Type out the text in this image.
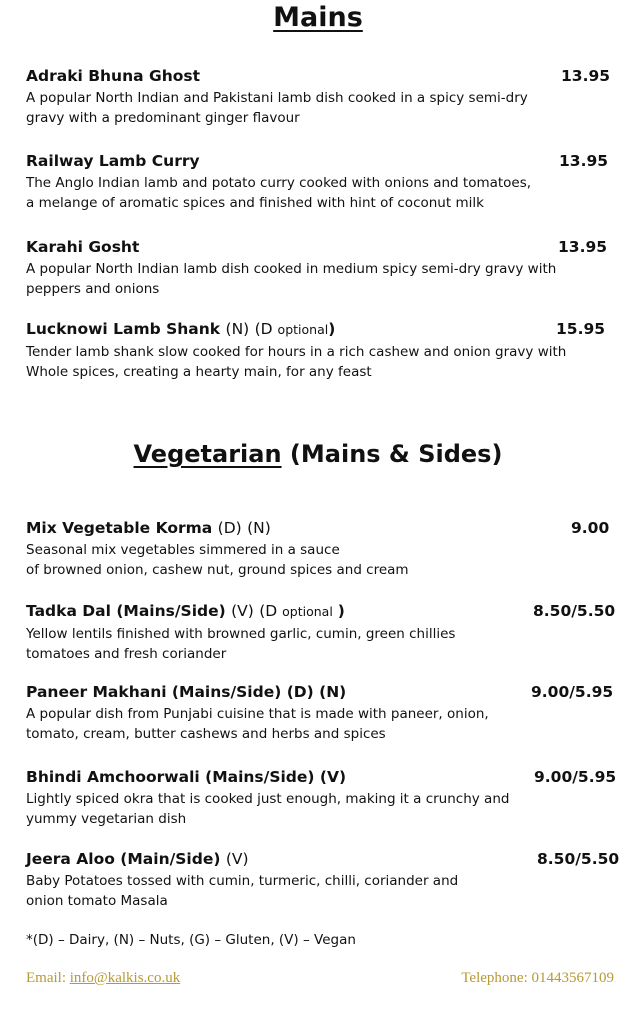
Mains
Adraki Bhuna Ghost	13.95
A popular North Indian and Pakistani lamb dish cooked in a spicy semi-dry
gravy with a predominant ginger flavour
Railway Lamb Curry	13.95
The Anglo Indian lamb and potato curry cooked with onions and tomatoes,
a melange of aromatic spices and finished with hint of coconut milk
Karahi Gosht	13.95
A popular North Indian lamb dish cooked in medium spicy semi-dry gravy with
peppers and onions
Lucknowi Lamb Shank (N) (D optional)	15.95
Tender lamb shank slow cooked for hours in a rich cashew and onion gravy with
Whole spices, creating a hearty main, for any feast
Vegetarian (Mains & Sides)
Mix Vegetable Korma (D) (N)	9.00
Seasonal mix vegetables simmered in a sauce
of browned onion, cashew nut, ground spices and cream
Tadka Dal (Mains/Side) (V) (D optional )	8.50/5.50
Yellow lentils finished with browned garlic, cumin, green chillies
tomatoes and fresh coriander
Paneer Makhani (Mains/Side) (D) (N)	9.00/5.95
A popular dish from Punjabi cuisine that is made with paneer, onion,
tomato, cream, butter cashews and herbs and spices
Bhindi Amchoorwali (Mains/Side) (V)	9.00/5.95
Lightly spiced okra that is cooked just enough, making it a crunchy and
yummy vegetarian dish
Jeera Aloo (Main/Side) (V)	8.50/5.50
Baby Potatoes tossed with cumin, turmeric, chilli, coriander and
onion tomato Masala
*(D) – Dairy, (N) – Nuts, (G) – Gluten, (V) – Vegan
Email: info@kalkis.co.uk	Telephone: 01443567109
